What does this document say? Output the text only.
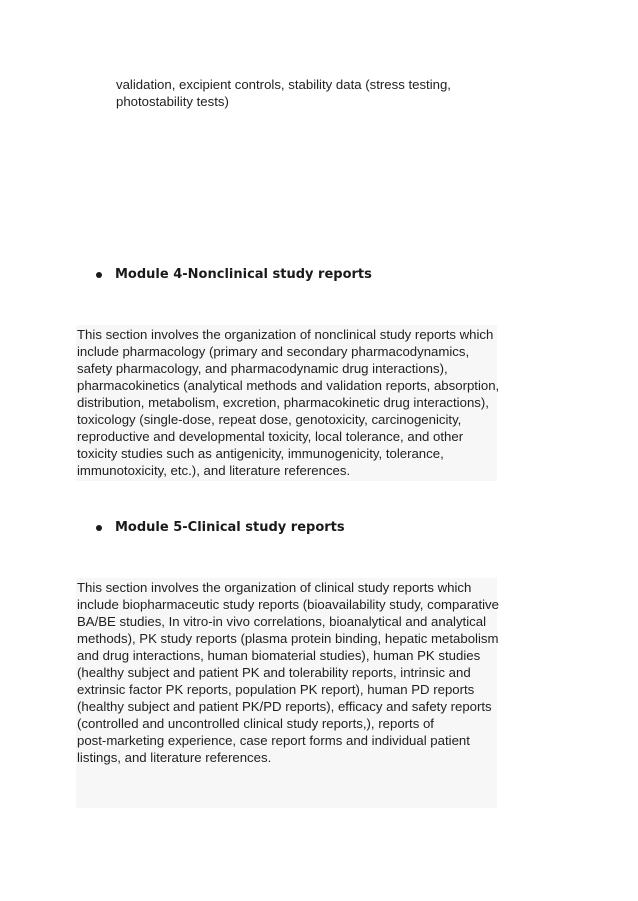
validation, excipient controls, stability data (stress testing,
photostability tests)
Module 4-Nonclinical study reports

This section involves the organization of nonclinical study reports which

include pharmacology (primary and secondary pharmacodynamics,

safety pharmacology, and pharmacodynamic drug interactions),

pharmacokinetics (analytical methods and validation reports, absorption,

distribution, metabolism, excretion, pharmacokinetic drug interactions),

toxicology (single-dose, repeat dose, genotoxicity, carcinogenicity,

reproductive and developmental toxicity, local tolerance, and other

toxicity studies such as antigenicity, immunogenicity, tolerance,

immunotoxicity, etc.), and literature references.

Module 5-Clinical study reports

This section involves the organization of clinical study reports which

include biopharmaceutic study reports (bioavailability study, comparative

BA/BE studies, In vitro-in vivo correlations, bioanalytical and analytical

methods), PK study reports (plasma protein binding, hepatic metabolism

and drug interactions, human biomaterial studies), human PK studies

(healthy subject and patient PK and tolerability reports, intrinsic and

extrinsic factor PK reports, population PK report), human PD reports

(healthy subject and patient PK/PD reports), efficacy and safety reports

(controlled and uncontrolled clinical study reports,), reports of

post-marketing experience, case report forms and individual patient

listings, and literature references.
